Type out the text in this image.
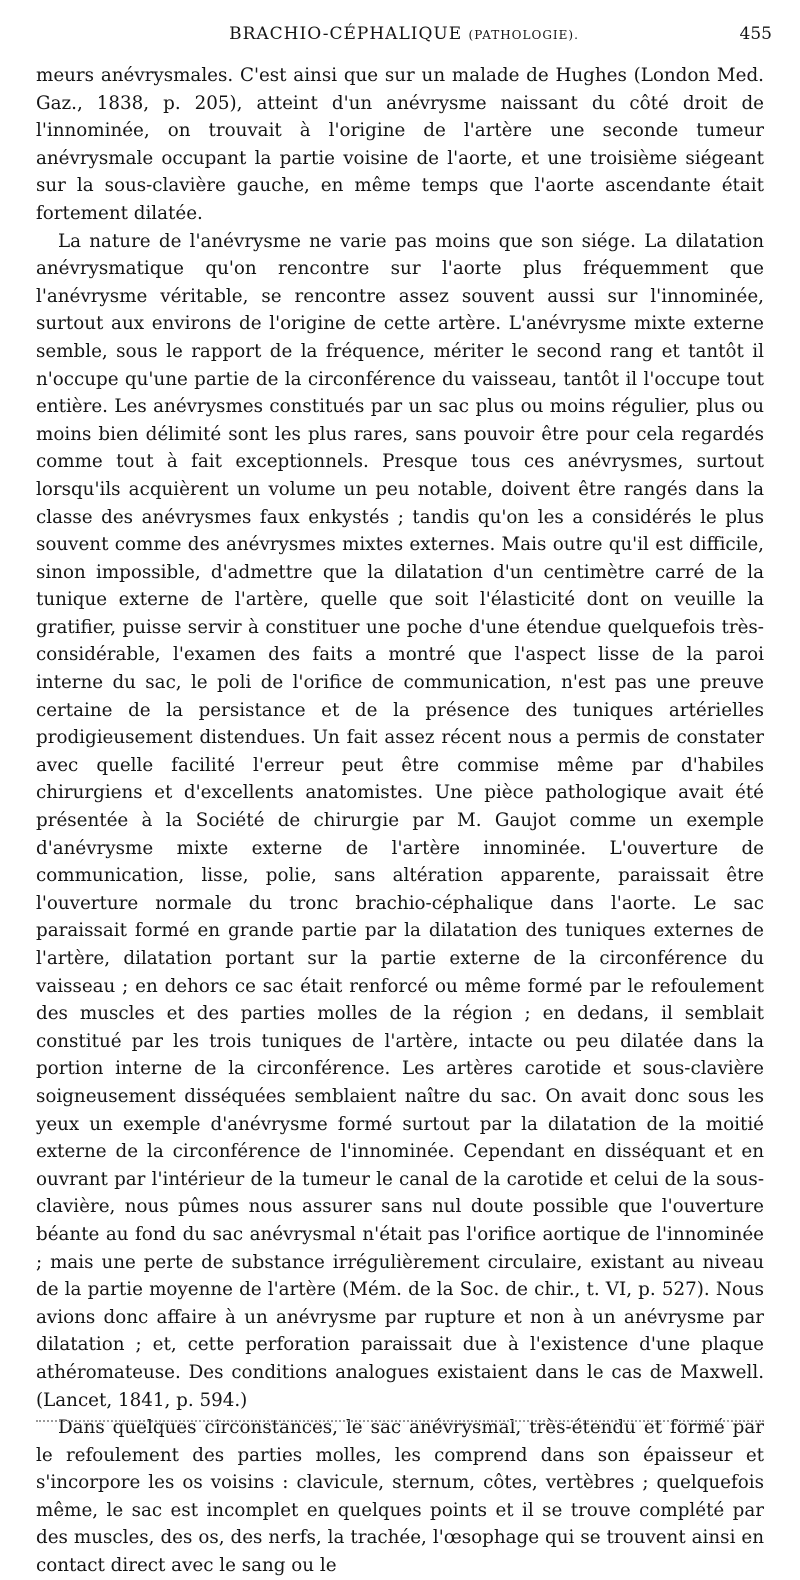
BRACHIO-CÉPHALIQUE (PATHOLOGIE).	455

meurs anévrysmales. C'est ainsi que sur un malade de Hughes (London Med. Gaz., 1838, p. 205), atteint d'un anévrysme naissant du côté droit de l'innominée, on trouvait à l'origine de l'artère une seconde tumeur anévrysmale occupant la partie voisine de l'aorte, et une troisième siégeant sur la sous-clavière gauche, en même temps que l'aorte ascendante était fortement dilatée.

La nature de l'anévrysme ne varie pas moins que son siége. La dilatation anévrysmatique qu'on rencontre sur l'aorte plus fréquemment que l'anévrysme véritable, se rencontre assez souvent aussi sur l'innominée, surtout aux environs de l'origine de cette artère. L'anévrysme mixte externe semble, sous le rapport de la fréquence, mériter le second rang et tantôt il n'occupe qu'une partie de la circonférence du vaisseau, tantôt il l'occupe tout entière. Les anévrysmes constitués par un sac plus ou moins régulier, plus ou moins bien délimité sont les plus rares, sans pouvoir être pour cela regardés comme tout à fait exceptionnels. Presque tous ces anévrysmes, surtout lorsqu'ils acquièrent un volume un peu notable, doivent être rangés dans la classe des anévrysmes faux enkystés ; tandis qu'on les a considérés le plus souvent comme des anévrysmes mixtes externes. Mais outre qu'il est difficile, sinon impossible, d'admettre que la dilatation d'un centimètre carré de la tunique externe de l'artère, quelle que soit l'élasticité dont on veuille la gratifier, puisse servir à constituer une poche d'une étendue quelquefois très-considérable, l'examen des faits a montré que l'aspect lisse de la paroi interne du sac, le poli de l'orifice de communication, n'est pas une preuve certaine de la persistance et de la présence des tuniques artérielles prodigieusement distendues. Un fait assez récent nous a permis de constater avec quelle facilité l'erreur peut être commise même par d'habiles chirurgiens et d'excellents anatomistes. Une pièce pathologique avait été présentée à la Société de chirurgie par M. Gaujot comme un exemple d'anévrysme mixte externe de l'artère innominée. L'ouverture de communication, lisse, polie, sans altération apparente, paraissait être l'ouverture normale du tronc brachio-céphalique dans l'aorte. Le sac paraissait formé en grande partie par la dilatation des tuniques externes de l'artère, dilatation portant sur la partie externe de la circonférence du vaisseau ; en dehors ce sac était renforcé ou même formé par le refoulement des muscles et des parties molles de la région ; en dedans, il semblait constitué par les trois tuniques de l'artère, intacte ou peu dilatée dans la portion interne de la circonférence. Les artères carotide et sous-clavière soigneusement disséquées semblaient naître du sac. On avait donc sous les yeux un exemple d'anévrysme formé surtout par la dilatation de la moitié externe de la circonférence de l'innominée. Cependant en disséquant et en ouvrant par l'intérieur de la tumeur le canal de la carotide et celui de la sous-clavière, nous pûmes nous assurer sans nul doute possible que l'ouverture béante au fond du sac anévrysmal n'était pas l'orifice aortique de l'innominée ; mais une perte de substance irrégulièrement circulaire, existant au niveau de la partie moyenne de l'artère (Mém. de la Soc. de chir., t. VI, p. 527). Nous avions donc affaire à un anévrysme par rupture et non à un anévrysme par dilatation ; et, cette perforation paraissait due à l'existence d'une plaque athéromateuse. Des conditions analogues existaient dans le cas de Maxwell. (Lancet, 1841, p. 594.)

Dans quelques circonstances, le sac anévrysmal, très-étendu et formé par le refoulement des parties molles, les comprend dans son épaisseur et s'incorpore les os voisins : clavicule, sternum, côtes, vertèbres ; quelquefois même, le sac est incomplet en quelques points et il se trouve complété par des muscles, des os, des nerfs, la trachée, l'œsophage qui se trouvent ainsi en contact direct avec le sang ou le
